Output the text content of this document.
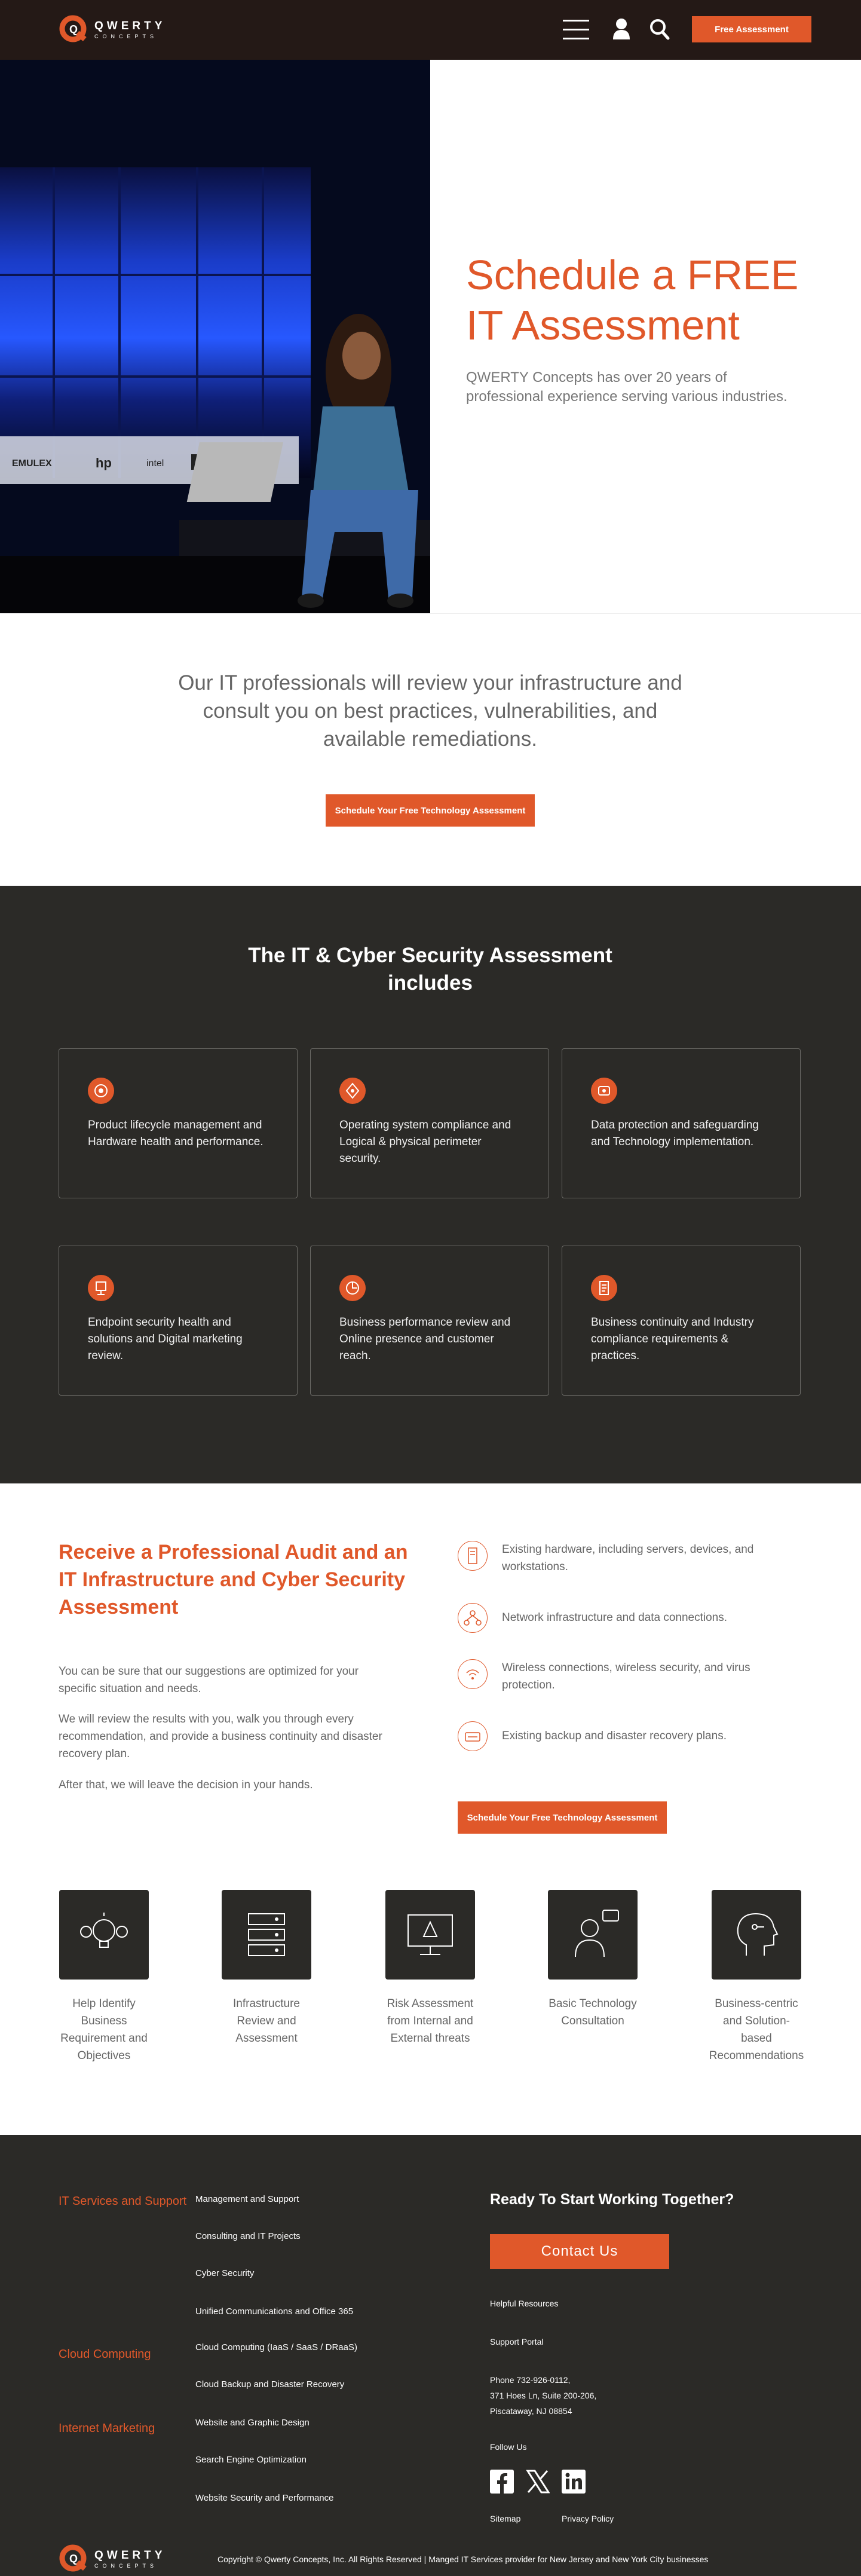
Q QWERTY
CONCEPTS
Free Assessment
EMULEX	hp	intel
Schedule a FREE
IT Assessment

QWERTY Concepts has over 20 years of professional experience serving various industries.

Our IT professionals will review your infrastructure and consult you on best practices, vulnerabilities, and available remediations.

Schedule Your Free Technology Assessment
The IT & Cyber Security Assessment includes

Product lifecycle management and Hardware health and performance.

Operating system compliance and Logical & physical perimeter security.

Data protection and safeguarding and Technology implementation.

Endpoint security health and solutions and Digital marketing review.

Business performance review and Online presence and customer reach.

Business continuity and Industry compliance requirements & practices.

Receive a Professional Audit and an IT Infrastructure and Cyber Security Assessment

You can be sure that our suggestions are optimized for your specific situation and needs.

We will review the results with you, walk you through every recommendation, and provide a business continuity and disaster recovery plan.

After that, we will leave the decision in your hands.

Existing hardware, including servers, devices, and workstations.

Network infrastructure and data connections.

Wireless connections, wireless security, and virus protection.

Existing backup and disaster recovery plans.

Schedule Your Free Technology Assessment

Help Identify Business Requirement and Objectives

Infrastructure Review and Assessment

Risk Assessment from Internal and External threats

Basic Technology Consultation

Business-centric and Solution-based Recommendations

IT Services and Support

Cloud Computing

Internet Marketing

Management and Support
Consulting and IT Projects
Cyber Security
Unified Communications and Office 365
Cloud Computing (IaaS / SaaS / DRaaS)
Cloud Backup and Disaster Recovery
Website and Graphic Design
Search Engine Optimization
Website Security and Performance
Ready To Start Working Together?
Contact Us

Helpful Resources

Support Portal

Phone 732-926-0112,

371 Hoes Ln, Suite 200-206,

Piscataway, NJ 08854

Follow Us

Sitemap	Privacy Policy

Q QWERTY
CONCEPTS

Copyright © Qwerty Concepts, Inc. All Rights Reserved | Manged IT Services provider for New Jersey and New York City businesses
